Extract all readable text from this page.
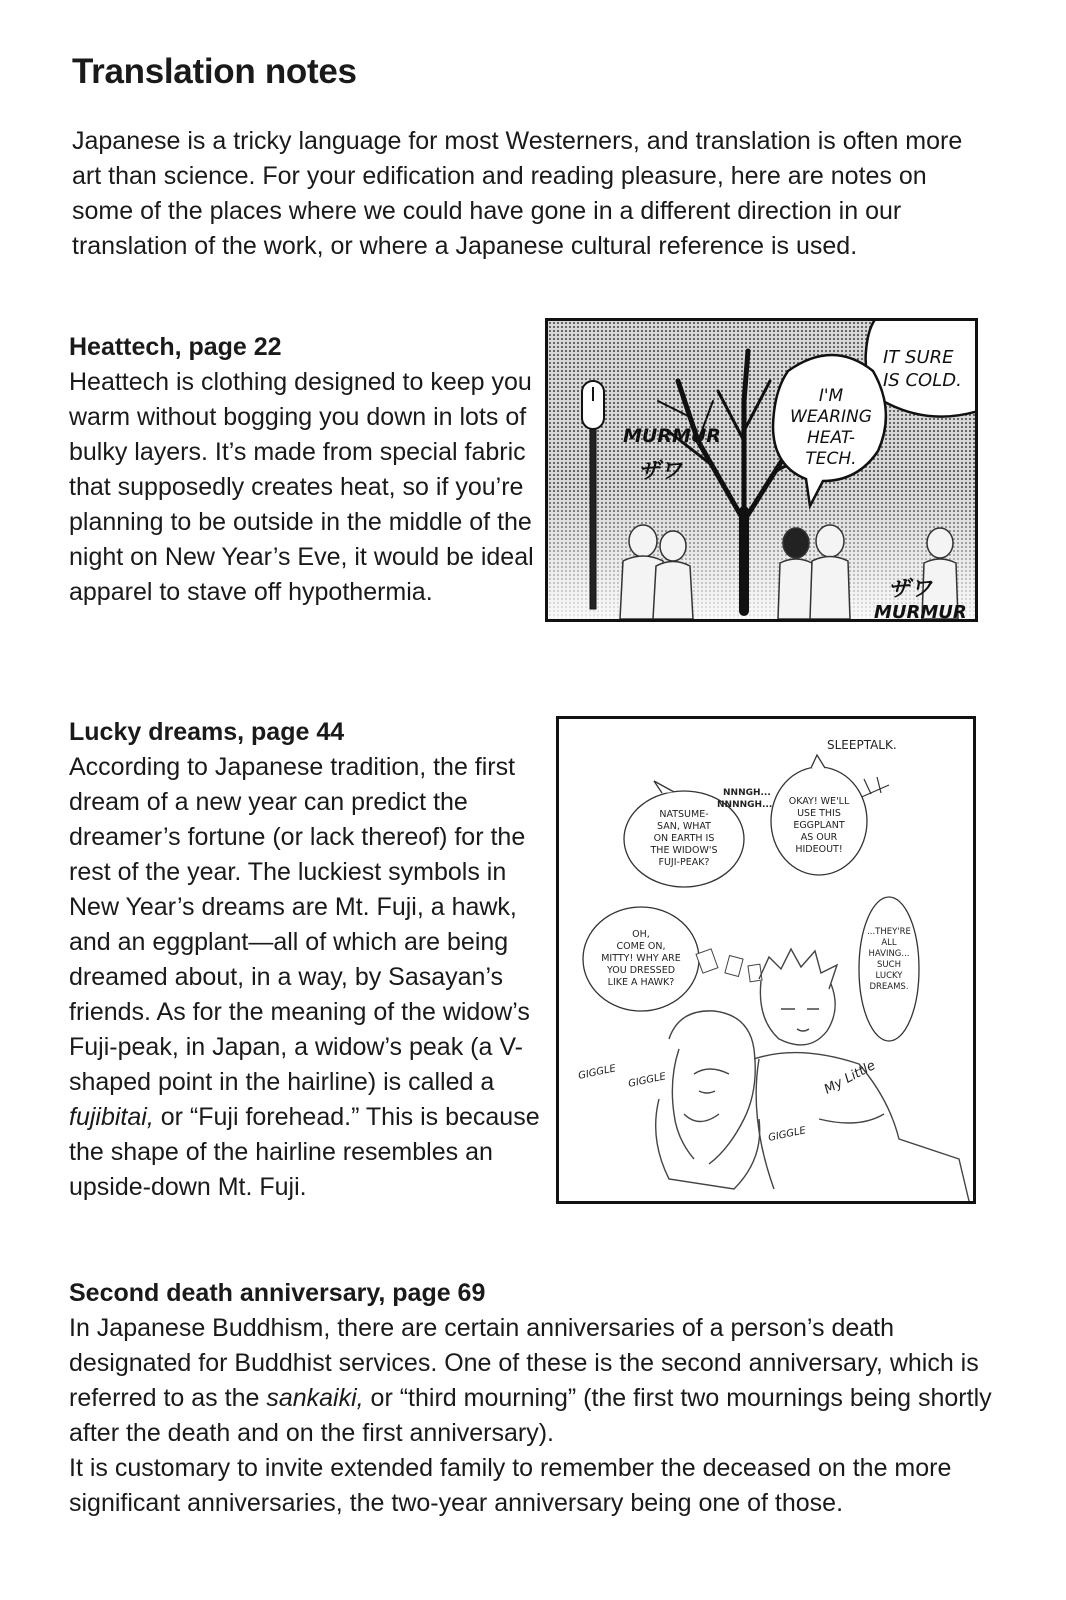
Translation notes

Japanese is a tricky language for most Westerners, and translation is often more art than science. For your edification and reading pleasure, here are notes on some of the places where we could have gone in a different direction in our translation of the work, or where a Japanese cultural reference is used.

Heattech, page 22

Heattech is clothing designed to keep you warm without bogging you down in lots of bulky layers. It’s made from special fabric that supposedly creates heat, so if you’re planning to be outside in the middle of the night on New Year’s Eve, it would be ideal apparel to stave off hypothermia.

MURMUR
ザワ
ザワ
MURMUR
IT SURE
IS COLD.
I'M
WEARING
HEAT-
TECH.
Lucky dreams, page 44

According to Japanese tradition, the first dream of a new year can predict the dreamer’s fortune (or lack thereof) for the rest of the year. The luckiest symbols in New Year’s dreams are Mt. Fuji, a hawk, and an eggplant—all of which are being dreamed about, in a way, by Sasayan’s friends. As for the meaning of the widow’s Fuji-peak, in Japan, a widow’s peak (a V-shaped point in the hairline) is called a fujibitai, or “Fuji forehead.” This is because the shape of the hairline resembles an upside-down Mt. Fuji.

SLEEPTALK.
NATSUME-SAN, WHAT ON EARTH IS THE WIDOW'S FUJI-PEAK?
NNNGH... NNNNGH... OKAY! WE'LL USE THIS EGGPLANT AS OUR HIDEOUT!
OH, COME ON, MITTY! WHY ARE YOU DRESSED LIKE A HAWK?
...THEY'RE ALL HAVING... SUCH LUCKY DREAMS.
My Little
GIGGLE GIGGLE
GIGGLE
Second death anniversary, page 69

In Japanese Buddhism, there are certain anniversaries of a person’s death designated for Buddhist services. One of these is the second anniversary, which is referred to as the sankaiki, or “third mourning” (the first two mournings being shortly after the death and on the first anniversary).

It is customary to invite extended family to remember the deceased on the more significant anniversaries, the two-year anniversary being one of those.
